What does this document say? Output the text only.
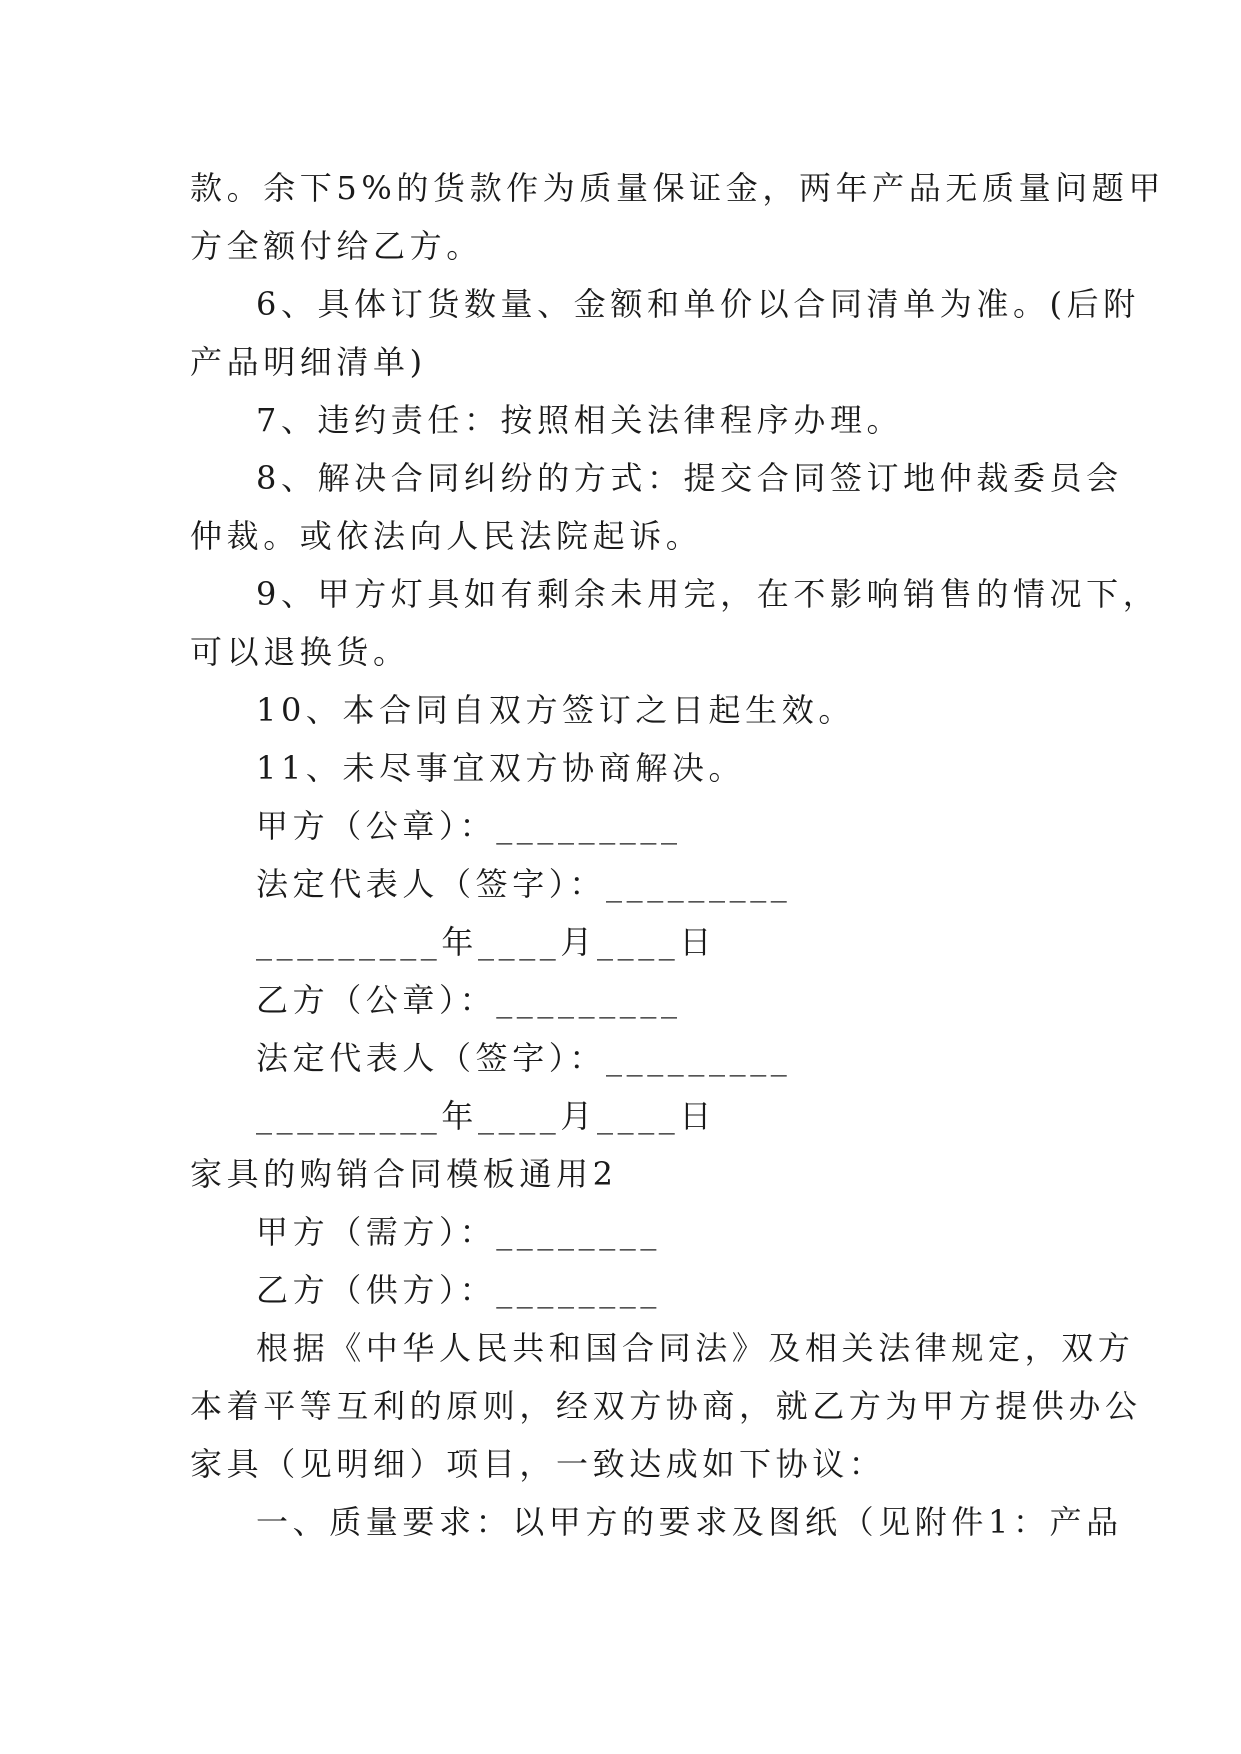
款。余下5%的货款作为质量保证金，两年产品无质量问题甲
方全额付给乙方。
6、具体订货数量、金额和单价以合同清单为准。(后附
产品明细清单)
7、违约责任：按照相关法律程序办理。
8、解决合同纠纷的方式：提交合同签订地仲裁委员会
仲裁。或依法向人民法院起诉。
9、甲方灯具如有剩余未用完，在不影响销售的情况下，
可以退换货。
10、本合同自双方签订之日起生效。
11、未尽事宜双方协商解决。
甲方（公章）：_________
法定代表人（签字）：_________
_________年____月____日
乙方（公章）：_________
法定代表人（签字）：_________
_________年____月____日
家具的购销合同模板通用2
甲方（需方）：________
乙方（供方）：________
根据《中华人民共和国合同法》及相关法律规定，双方
本着平等互利的原则，经双方协商，就乙方为甲方提供办公
家具（见明细）项目，一致达成如下协议：
一、质量要求：以甲方的要求及图纸（见附件1：产品
